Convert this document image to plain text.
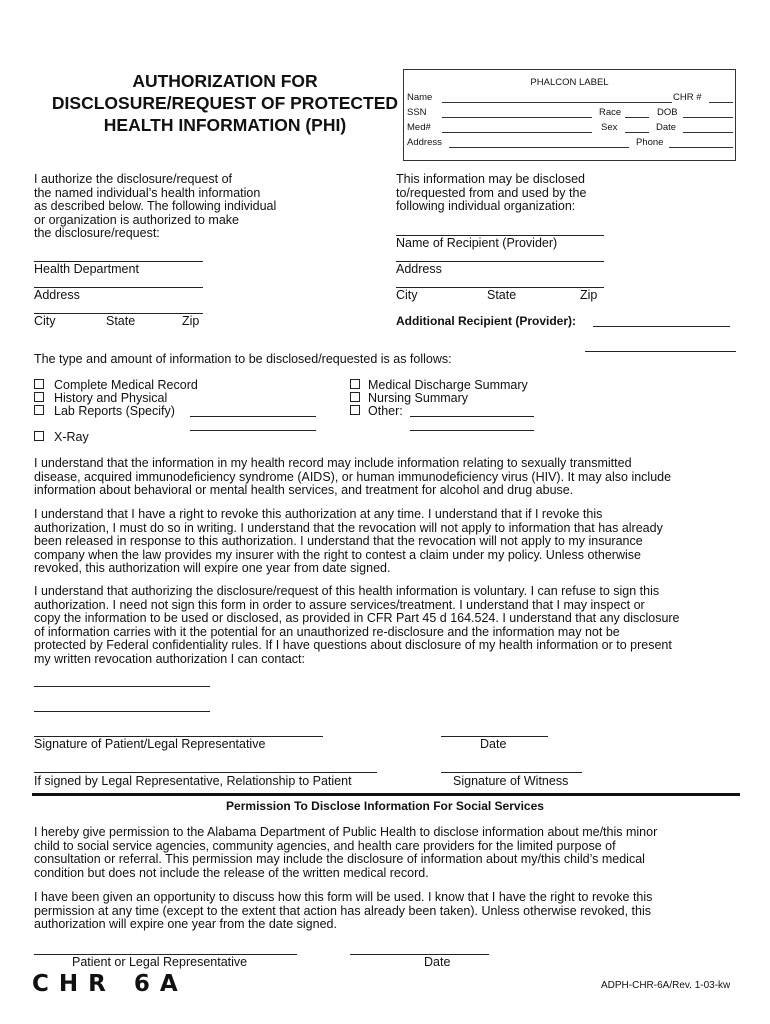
AUTHORIZATION FOR
DISCLOSURE/REQUEST OF PROTECTED
HEALTH INFORMATION (PHI)
PHALCON LABEL
Name	CHR #
SSN	Race	DOB
Med#	Sex	Date
Address	Phone
I authorize the disclosure/request of
the named individual’s health information
as described below. The following individual
or organization is authorized to make
the disclosure/request:
This information may be disclosed
to/requested from and used by the
following individual organization:
Health Department
Address
City	State	Zip
Name of Recipient (Provider)
Address
City	State	Zip
Additional Recipient (Provider):
The type and amount of information to be disclosed/requested is as follows:
Complete Medical Record
History and Physical
Lab Reports (Specify)
X-Ray
Medical Discharge Summary
Nursing Summary
Other:
I understand that the information in my health record may include information relating to sexually transmitted
disease, acquired immunodeficiency syndrome (AIDS), or human immunodeficiency virus (HIV). It may also include
information about behavioral or mental health services, and treatment for alcohol and drug abuse.
I understand that I have a right to revoke this authorization at any time. I understand that if I revoke this
authorization, I must do so in writing. I understand that the revocation will not apply to information that has already
been released in response to this authorization. I understand that the revocation will not apply to my insurance
company when the law provides my insurer with the right to contest a claim under my policy. Unless otherwise
revoked, this authorization will expire one year from date signed.
I understand that authorizing the disclosure/request of this health information is voluntary. I can refuse to sign this
authorization. I need not sign this form in order to assure services/treatment. I understand that I may inspect or
copy the information to be used or disclosed, as provided in CFR Part 45 d 164.524. I understand that any disclosure
of information carries with it the potential for an unauthorized re-disclosure and the information may not be
protected by Federal confidentiality rules. If I have questions about disclosure of my health information or to present
my written revocation authorization I can contact:
Signature of Patient/Legal Representative	Date
If signed by Legal Representative, Relationship to Patient	Signature of Witness
Permission To Disclose Information For Social Services
I hereby give permission to the Alabama Department of Public Health to disclose information about me/this minor
child to social service agencies, community agencies, and health care providers for the limited purpose of
consultation or referral. This permission may include the disclosure of information about my/this child’s medical
condition but does not include the release of the written medical record.
I have been given an opportunity to discuss how this form will be used. I know that I have the right to revoke this
permission at any time (except to the extent that action has already been taken). Unless otherwise revoked, this
authorization will expire one year from the date signed.
Patient or Legal Representative	Date
C H R   6 A	ADPH-CHR-6A/Rev. 1-03-kw
